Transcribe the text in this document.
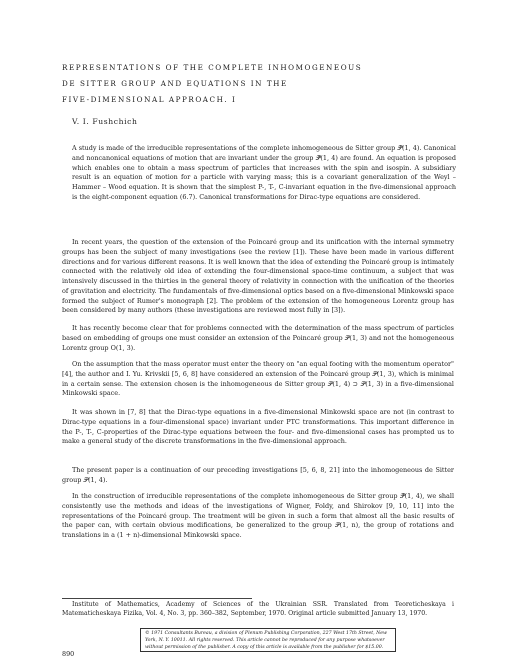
REPRESENTATIONS OF THE COMPLETE INHOMOGENEOUS
DE SITTER GROUP AND EQUATIONS IN THE
FIVE-DIMENSIONAL APPROACH. I
V. I. Fushchich

A study is made of the irreducible representations of the complete inhomogeneous de Sitter group 𝒫̃(1, 4). Canonical and noncanonical equations of motion that are invariant under the group 𝒫̃(1, 4) are found. An equation is proposed which enables one to obtain a mass spectrum of particles that increases with the spin and isospin. A subsidiary result is an equation of motion for a particle with varying mass; this is a covariant generalization of the Weyl – Hammer – Wood equation. It is shown that the simplest P-, T-, C-invariant equation in the five-dimensional approach is the eight-component equation (6.7). Canonical transformations for Dirac-type equations are considered.

In recent years, the question of the extension of the Poincaré group and its unification with the internal symmetry groups has been the subject of many investigations (see the review [1]). These have been made in various different directions and for various different reasons. It is well known that the idea of extending the Poincaré group is intimately connected with the relatively old idea of extending the four-dimensional space-time continuum, a subject that was intensively discussed in the thirties in the general theory of relativity in connection with the unification of the theories of gravitation and electricity. The fundamentals of five-dimensional optics based on a five-dimensional Minkowski space formed the subject of Rumer's monograph [2]. The problem of the extension of the homogeneous Lorentz group has been considered by many authors (these investigations are reviewed most fully in [3]).

It has recently become clear that for problems connected with the determination of the mass spectrum of particles based on embedding of groups one must consider an extension of the Poincaré group 𝒫(1, 3) and not the homogeneous Lorentz group O(1, 3).

On the assumption that the mass operator must enter the theory on "an equal footing with the momentum operator" [4], the author and I. Yu. Krivskii [5, 6, 8] have considered an extension of the Poincaré group 𝒫(1, 3), which is minimal in a certain sense. The extension chosen is the inhomogeneous de Sitter group 𝒫(1, 4) ⊃ 𝒫(1, 3) in a five-dimensional Minkowski space.

It was shown in [7, 8] that the Dirac-type equations in a five-dimensional Minkowski space are not (in contrast to Dirac-type equations in a four-dimensional space) invariant under PTC transformations. This important difference in the P-, T-, C-properties of the Dirac-type equations between the four- and five-dimensional cases has prompted us to make a general study of the discrete transformations in the five-dimensional approach.

The present paper is a continuation of our preceding investigations [5, 6, 8, 21] into the inhomogeneous de Sitter group 𝒫(1, 4).

In the construction of irreducible representations of the complete inhomogeneous de Sitter group 𝒫̃(1, 4), we shall consistently use the methods and ideas of the investigations of Wigner, Foldy, and Shirokov [9, 10, 11] into the representations of the Poincaré group. The treatment will be given in such a form that almost all the basic results of the paper can, with certain obvious modifications, be generalized to the group 𝒫(1, n), the group of rotations and translations in a (1 + n)-dimensional Minkowski space.

Institute of Mathematics, Academy of Sciences of the Ukrainian SSR. Translated from Teoreticheskaya i Matematicheskaya Fizika, Vol. 4, No. 3, pp. 360–382, September, 1970. Original article submitted January 13, 1970.

© 1971 Consultants Bureau, a division of Plenum Publishing Corporation, 227 West 17th Street, New York, N. Y. 10011. All rights reserved. This article cannot be reproduced for any purpose whatsoever without permission of the publisher. A copy of this article is available from the publisher for $15.00.
890
